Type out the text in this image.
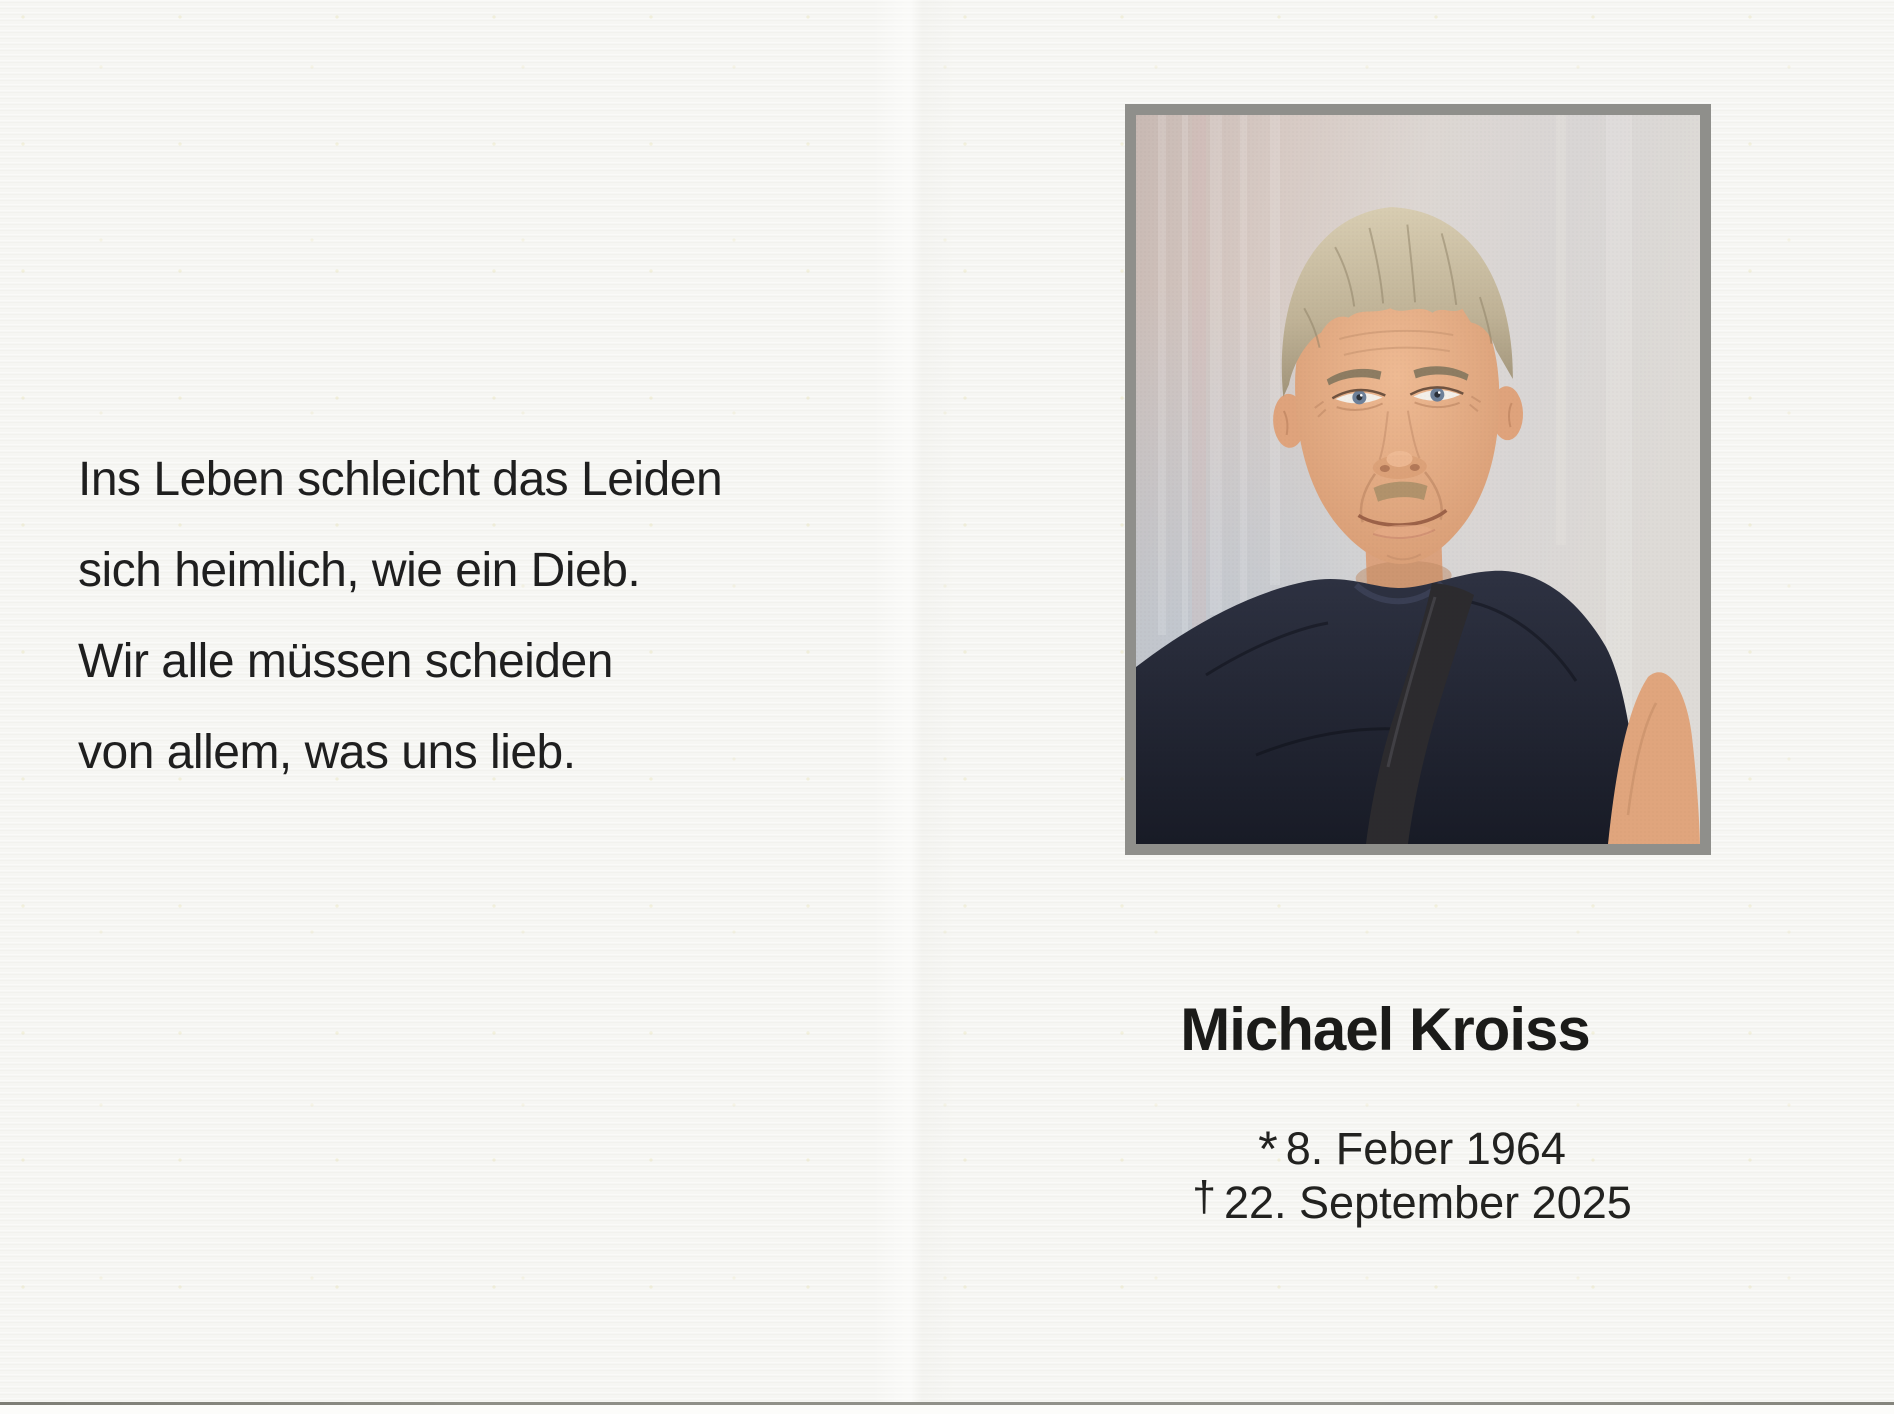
Ins Leben schleicht das Leiden
sich heimlich, wie ein Dieb.
Wir alle müssen scheiden
von allem, was uns lieb.
Michael Kroiss
* 8. Feber 1964
† 22. September 2025
